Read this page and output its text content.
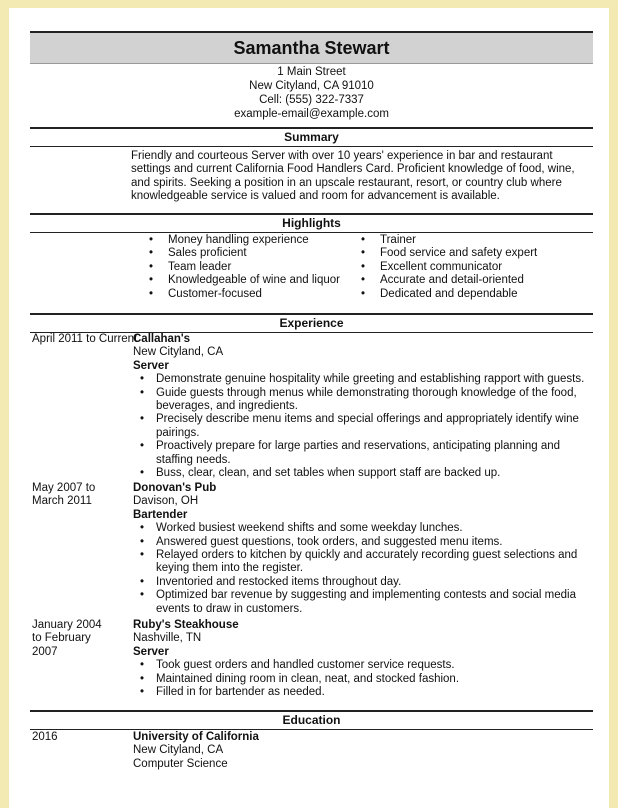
Samantha Stewart
1 Main Street
New Cityland, CA 91010
Cell: (555) 322-7337
example-email@example.com
Summary
Friendly and courteous Server with over 10 years' experience in bar and restaurant settings and current California Food Handlers Card. Proficient knowledge of food, wine, and spirits. Seeking a position in an upscale restaurant, resort, or country club where knowledgeable service is valued and room for advancement is available.
Highlights
• Money handling experience
• Sales proficient
• Team leader
• Knowledgeable of wine and liquor
• Customer-focused
• Trainer
• Food service and safety expert
• Excellent communicator
• Accurate and detail-oriented
• Dedicated and dependable
Experience
April 2011 to Current
Callahan's
New Cityland, CA
Server
• Demonstrate genuine hospitality while greeting and establishing rapport with guests.
• Guide guests through menus while demonstrating thorough knowledge of the food, beverages, and ingredients.
• Precisely describe menu items and special offerings and appropriately identify wine pairings.
• Proactively prepare for large parties and reservations, anticipating planning and staffing needs.
• Buss, clear, clean, and set tables when support staff are backed up.
May 2007 to March 2011
Donovan's Pub
Davison, OH
Bartender
• Worked busiest weekend shifts and some weekday lunches.
• Answered guest questions, took orders, and suggested menu items.
• Relayed orders to kitchen by quickly and accurately recording guest selections and keying them into the register.
• Inventoried and restocked items throughout day.
• Optimized bar revenue by suggesting and implementing contests and social media events to draw in customers.
January 2004 to February 2007
Ruby's Steakhouse
Nashville, TN
Server
• Took guest orders and handled customer service requests.
• Maintained dining room in clean, neat, and stocked fashion.
• Filled in for bartender as needed.
Education
2016	University of California
New Cityland, CA
Computer Science
